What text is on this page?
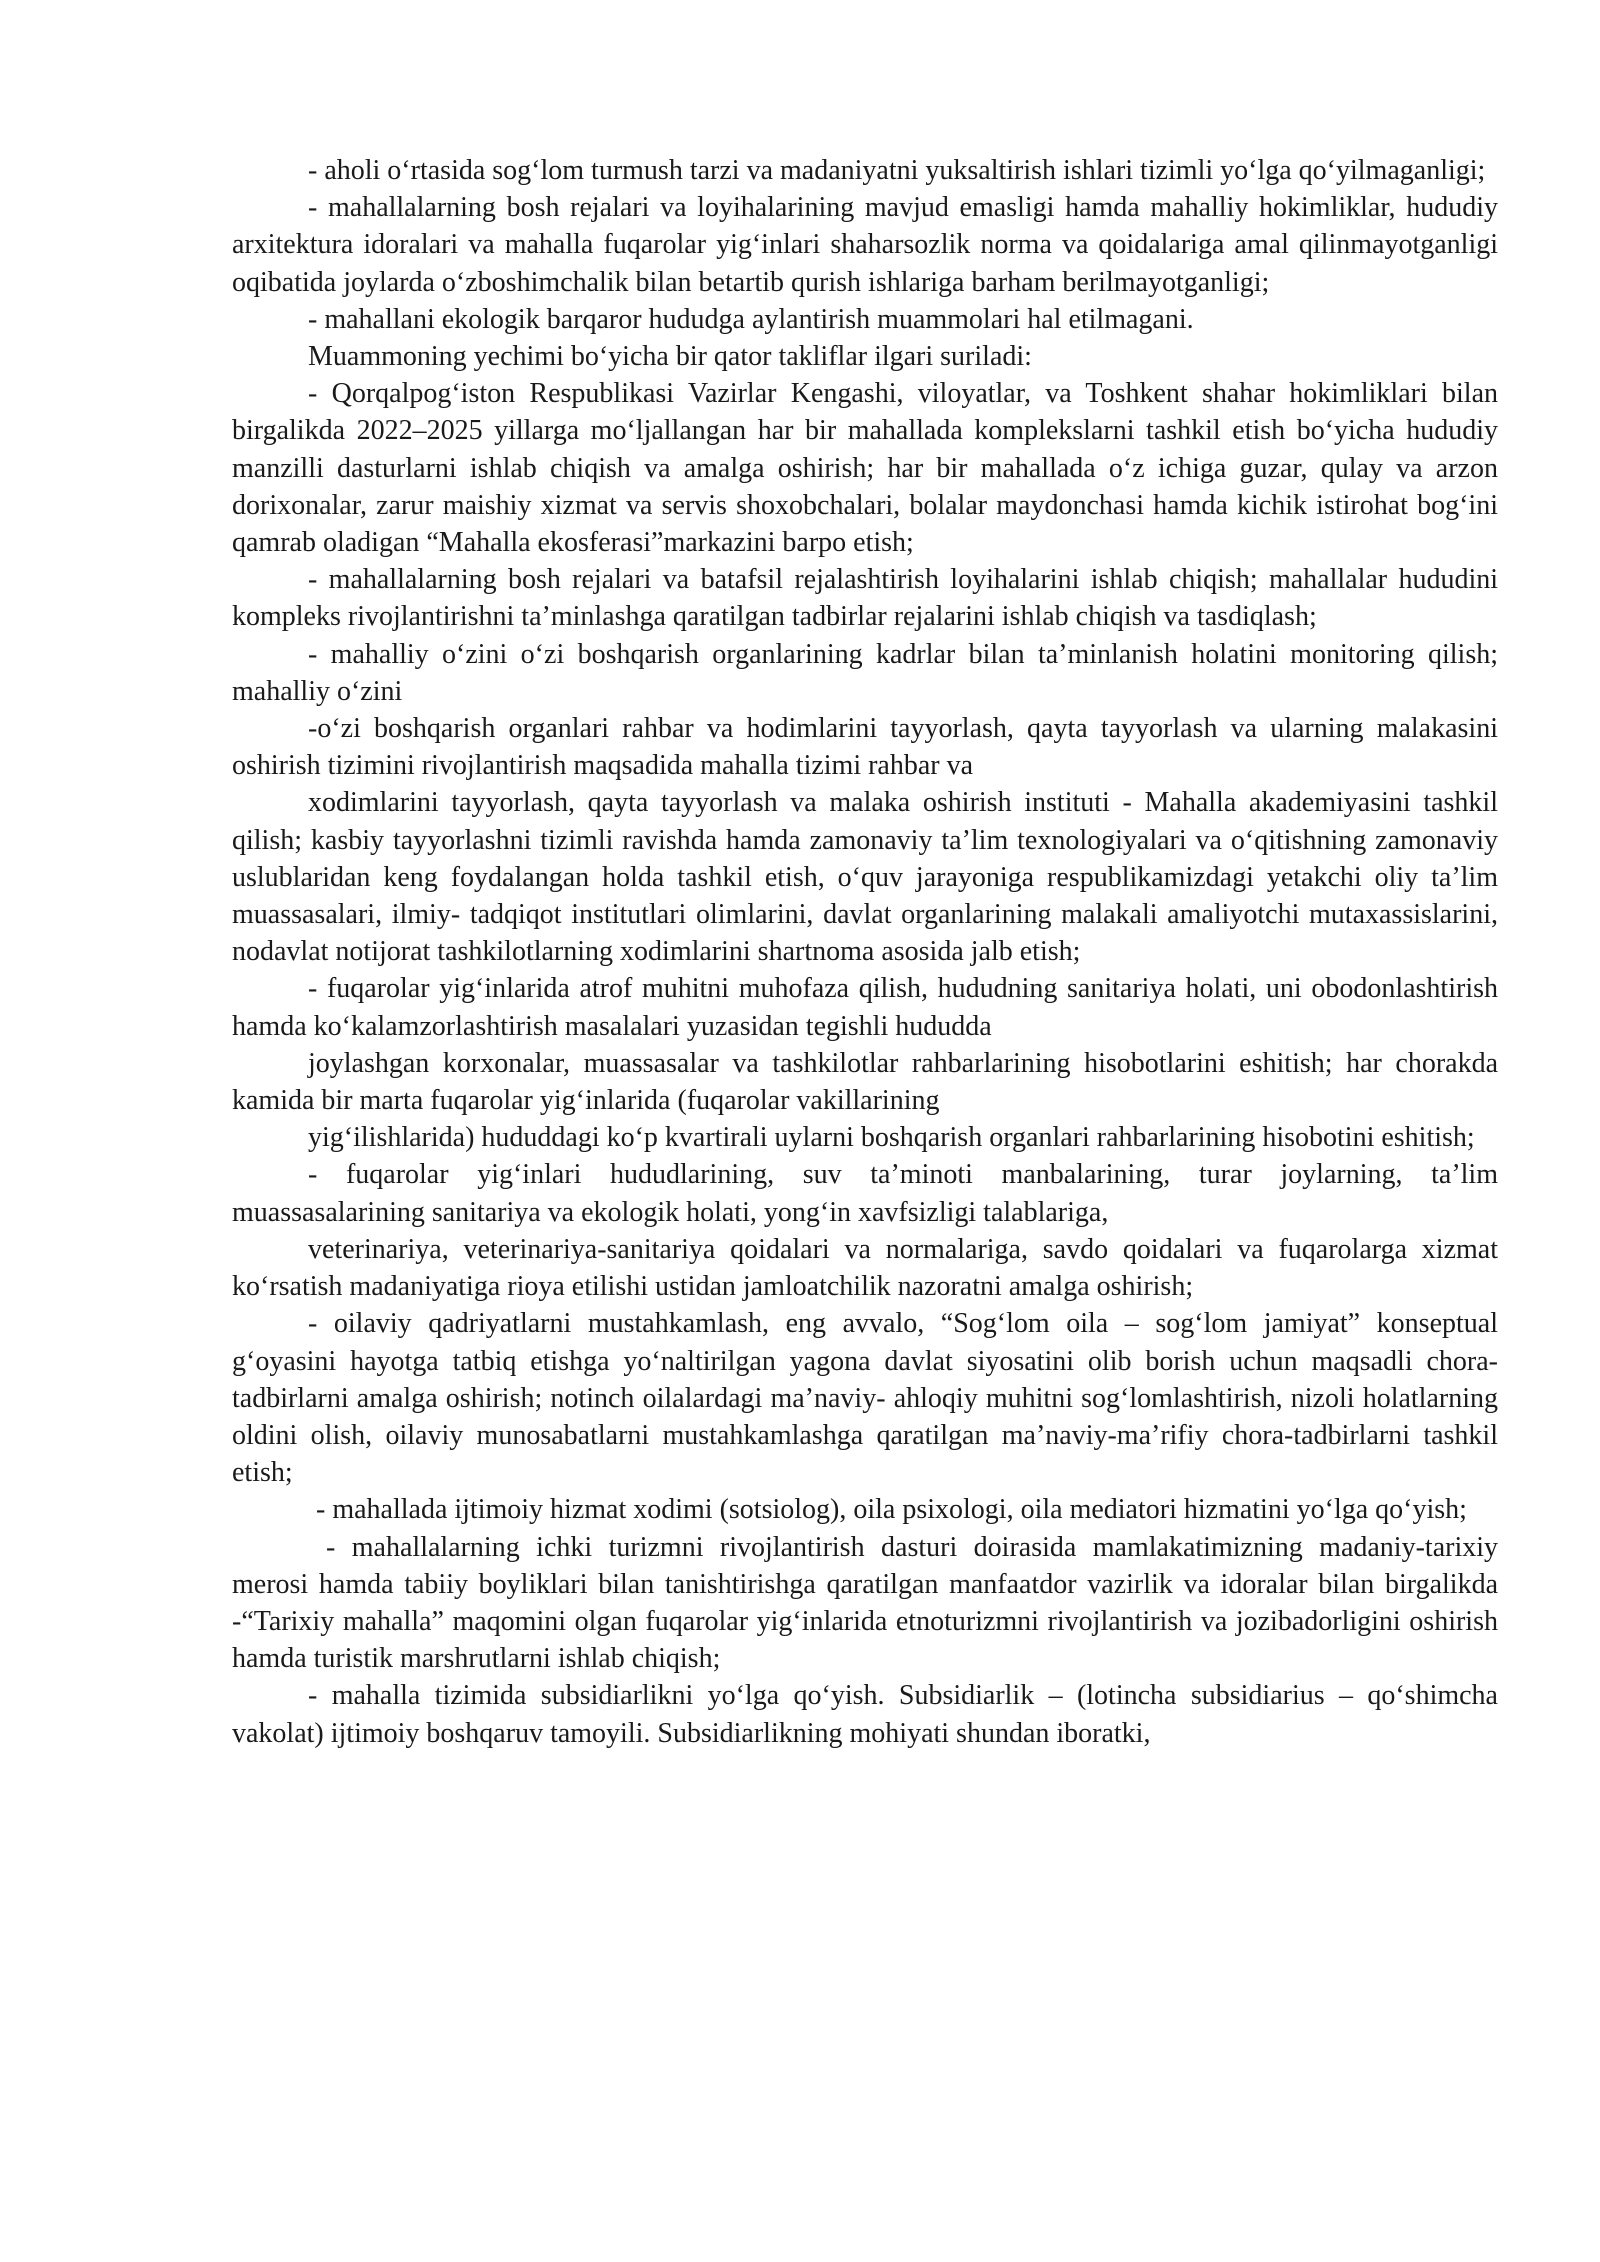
- aholi oʻrtasida sogʻlom turmush tarzi va madaniyatni yuksaltirish ishlari tizimli yoʻlga qoʻyilmaganligi;

- mahallalarning bosh rejalari va loyihalarining mavjud emasligi hamda mahalliy hokimliklar, hududiy arxitektura idoralari va mahalla fuqarolar yigʻinlari shaharsozlik norma va qoidalariga amal qilinmayotganligi oqibatida joylarda oʻzboshimchalik bilan betartib qurish ishlariga barham berilmayotganligi;

- mahallani ekologik barqaror hududga aylantirish muammolari hal etilmagani.

Muammoning yechimi boʻyicha bir qator takliflar ilgari suriladi:

- Qorqalpogʻiston Respublikasi Vazirlar Kengashi, viloyatlar, va Toshkent shahar hokimliklari bilan birgalikda 2022–2025 yillarga moʻljallangan har bir mahallada komplekslarni tashkil etish boʻyicha hududiy manzilli dasturlarni ishlab chiqish va amalga oshirish; har bir mahallada oʻz ichiga guzar, qulay va arzon dorixonalar, zarur maishiy xizmat va servis shoxobchalari, bolalar maydonchasi hamda kichik istirohat bogʻini qamrab oladigan “Mahalla ekosferasi”markazini barpo etish;

- mahallalarning bosh rejalari va batafsil rejalashtirish loyihalarini ishlab chiqish; mahallalar hududini kompleks rivojlantirishni taʼminlashga qaratilgan tadbirlar rejalarini ishlab chiqish va tasdiqlash;

- mahalliy oʻzini oʻzi boshqarish organlarining kadrlar bilan taʼminlanish holatini monitoring qilish; mahalliy oʻzini

-oʻzi boshqarish organlari rahbar va hodimlarini tayyorlash, qayta tayyorlash va ularning malakasini oshirish tizimini rivojlantirish maqsadida mahalla tizimi rahbar va

xodimlarini tayyorlash, qayta tayyorlash va malaka oshirish instituti - Mahalla akademiyasini tashkil qilish; kasbiy tayyorlashni tizimli ravishda hamda zamonaviy taʼlim texnologiyalari va oʻqitishning zamonaviy uslublaridan keng foydalangan holda tashkil etish, oʻquv jarayoniga respublikamizdagi yetakchi oliy taʼlim muassasalari, ilmiy- tadqiqot institutlari olimlarini, davlat organlarining malakali amaliyotchi mutaxassislarini, nodavlat notijorat tashkilotlarning xodimlarini shartnoma asosida jalb etish;

- fuqarolar yigʻinlarida atrof muhitni muhofaza qilish, hududning sanitariya holati, uni obodonlashtirish hamda koʻkalamzorlashtirish masalalari yuzasidan tegishli hududda

joylashgan korxonalar, muassasalar va tashkilotlar rahbarlarining hisobotlarini eshitish; har chorakda kamida bir marta fuqarolar yigʻinlarida (fuqarolar vakillarining

yigʻilishlarida) hududdagi koʻp kvartirali uylarni boshqarish organlari rahbarlarining hisobotini eshitish;

- fuqarolar yigʻinlari hududlarining, suv taʼminoti manbalarining, turar joylarning, taʼlim muassasalarining sanitariya va ekologik holati, yongʻin xavfsizligi talablariga,

veterinariya, veterinariya-sanitariya qoidalari va normalariga, savdo qoidalari va fuqarolarga xizmat koʻrsatish madaniyatiga rioya etilishi ustidan jamloatchilik nazoratni amalga oshirish;

- oilaviy qadriyatlarni mustahkamlash, eng avvalo, “Sogʻlom oila – sogʻlom jamiyat” konseptual gʻoyasini hayotga tatbiq etishga yoʻnaltirilgan yagona davlat siyosatini olib borish uchun maqsadli chora-tadbirlarni amalga oshirish; notinch oilalardagi maʼnaviy- ahloqiy muhitni sogʻlomlashtirish, nizoli holatlarning oldini olish, oilaviy munosabatlarni mustahkamlashga qaratilgan maʼnaviy-maʼrifiy chora-tadbirlarni tashkil etish;

- mahallada ijtimoiy hizmat xodimi (sotsiolog), oila psixologi, oila mediatori hizmatini yoʻlga qoʻyish;

- mahallalarning ichki turizmni rivojlantirish dasturi doirasida mamlakatimizning madaniy-tarixiy merosi hamda tabiiy boyliklari bilan tanishtirishga qaratilgan manfaatdor vazirlik va idoralar bilan birgalikda -“Tarixiy mahalla” maqomini olgan fuqarolar yigʻinlarida etnoturizmni rivojlantirish va jozibadorligini oshirish hamda turistik marshrutlarni ishlab chiqish;

- mahalla tizimida subsidiarlikni yoʻlga qoʻyish. Subsidiarlik – (lotincha subsidiarius – qoʻshimcha vakolat) ijtimoiy boshqaruv tamoyili. Subsidiarlikning mohiyati shundan iboratki,
